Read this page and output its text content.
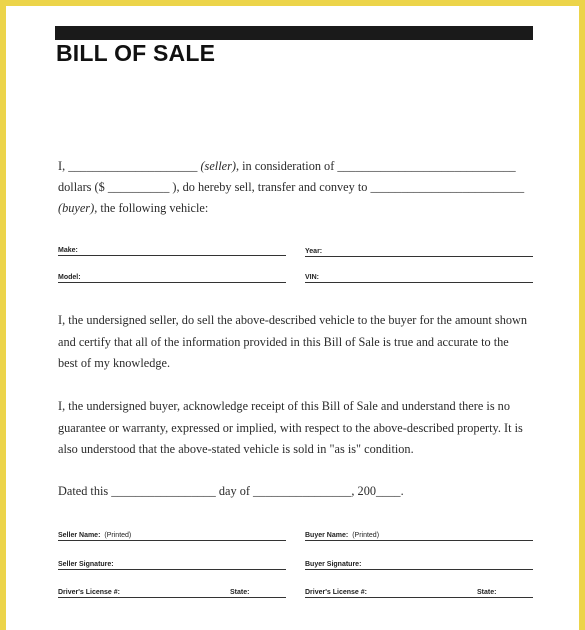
BILL OF SALE

I, _____________________ (seller), in consideration of _____________________________

dollars ($ __________ ), do hereby sell, transfer and convey to _________________________

(buyer), the following vehicle:

Make:	Year:
Model:	VIN:

I, the undersigned seller, do sell the above-described vehicle to the buyer for the amount shown and certify that all of the information provided in this Bill of Sale is true and accurate to the best of my knowledge.

I, the undersigned buyer, acknowledge receipt of this Bill of Sale and understand there is no guarantee or warranty, expressed or implied, with respect to the above-described property. It is also understood that the above-stated vehicle is sold in "as is" condition.

Dated this _________________ day of ________________, 200____.

Seller Name: (Printed)	Buyer Name: (Printed)
Seller Signature:	Buyer Signature:
Driver's License #:	State:	Driver's License #:	State:
